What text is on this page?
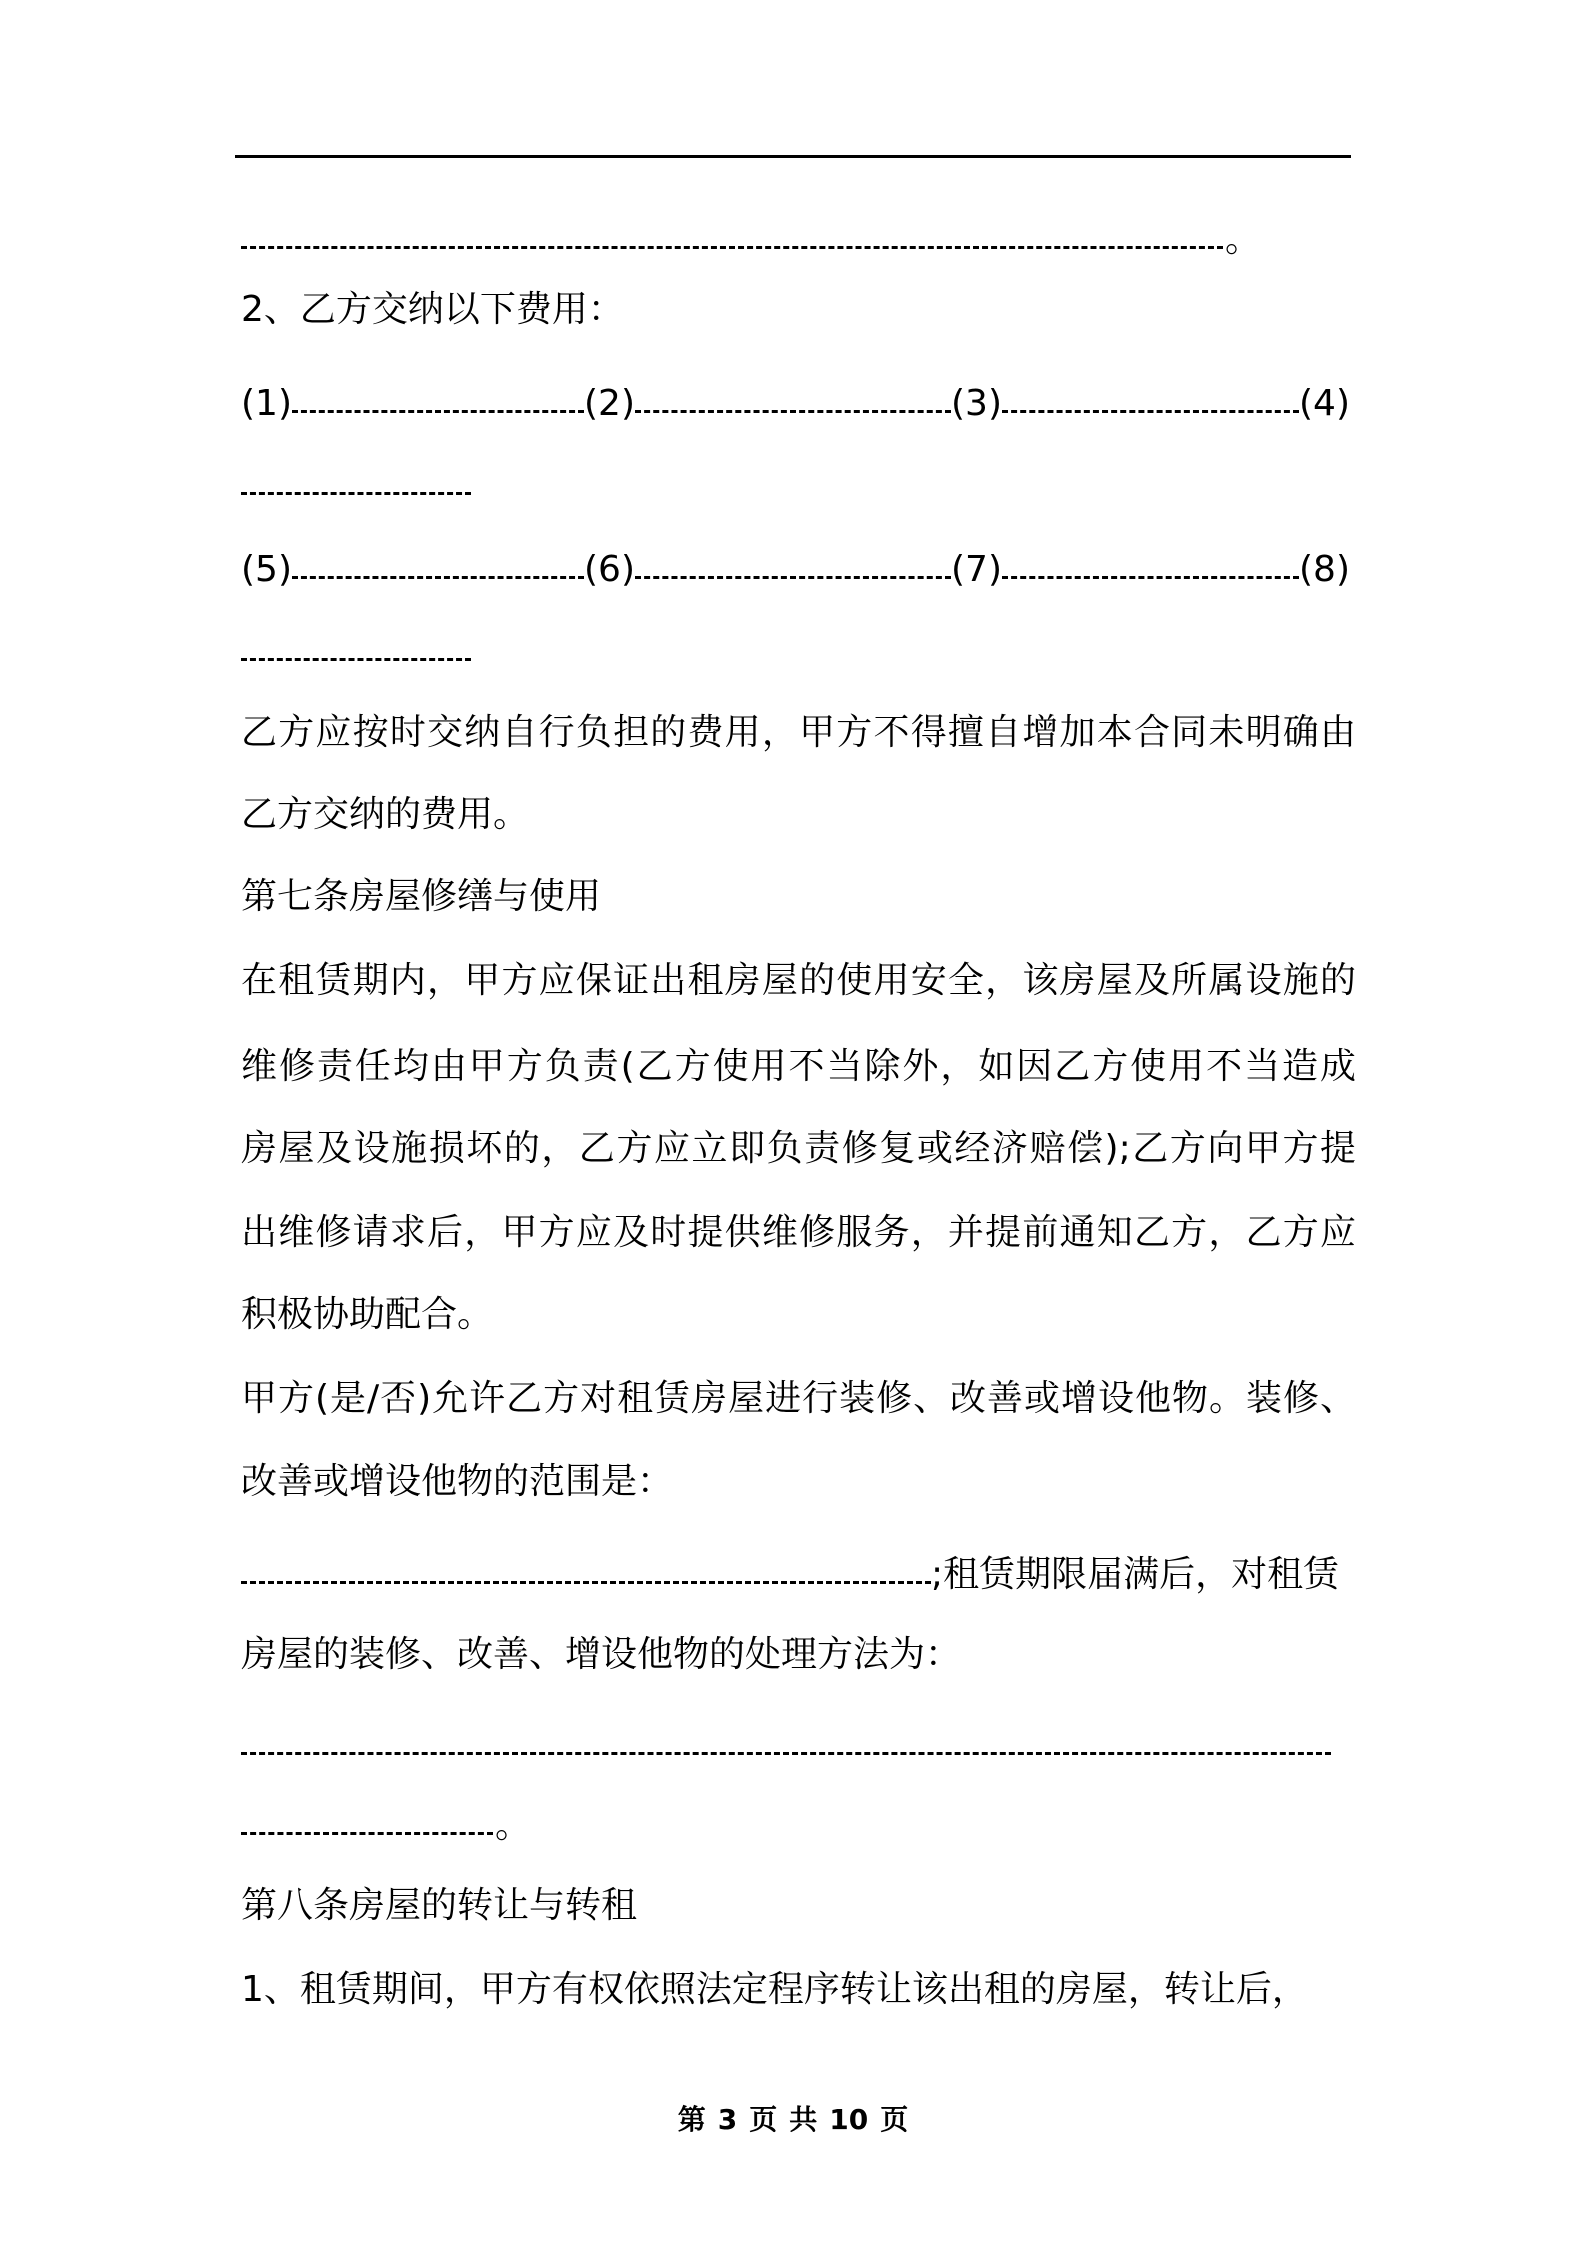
。
2、乙方交纳以下费用：
(1)	(2)	(3)	(4)
(5)	(6)	(7)	(8)
乙方应按时交纳自行负担的费用，甲方不得擅自增加本合同未明确由
乙方交纳的费用。
第七条房屋修缮与使用
在租赁期内，甲方应保证出租房屋的使用安全，该房屋及所属设施的
维修责任均由甲方负责(乙方使用不当除外，如因乙方使用不当造成
房屋及设施损坏的，乙方应立即负责修复或经济赔偿);乙方向甲方提
出维修请求后，甲方应及时提供维修服务，并提前通知乙方，乙方应
积极协助配合。
甲方(是/否)允许乙方对租赁房屋进行装修、改善或增设他物。装修、
改善或增设他物的范围是：
;租赁期限届满后，对租赁
房屋的装修、改善、增设他物的处理方法为：
。
第八条房屋的转让与转租
1、租赁期间，甲方有权依照法定程序转让该出租的房屋，转让后，
第 3 页 共 10 页
